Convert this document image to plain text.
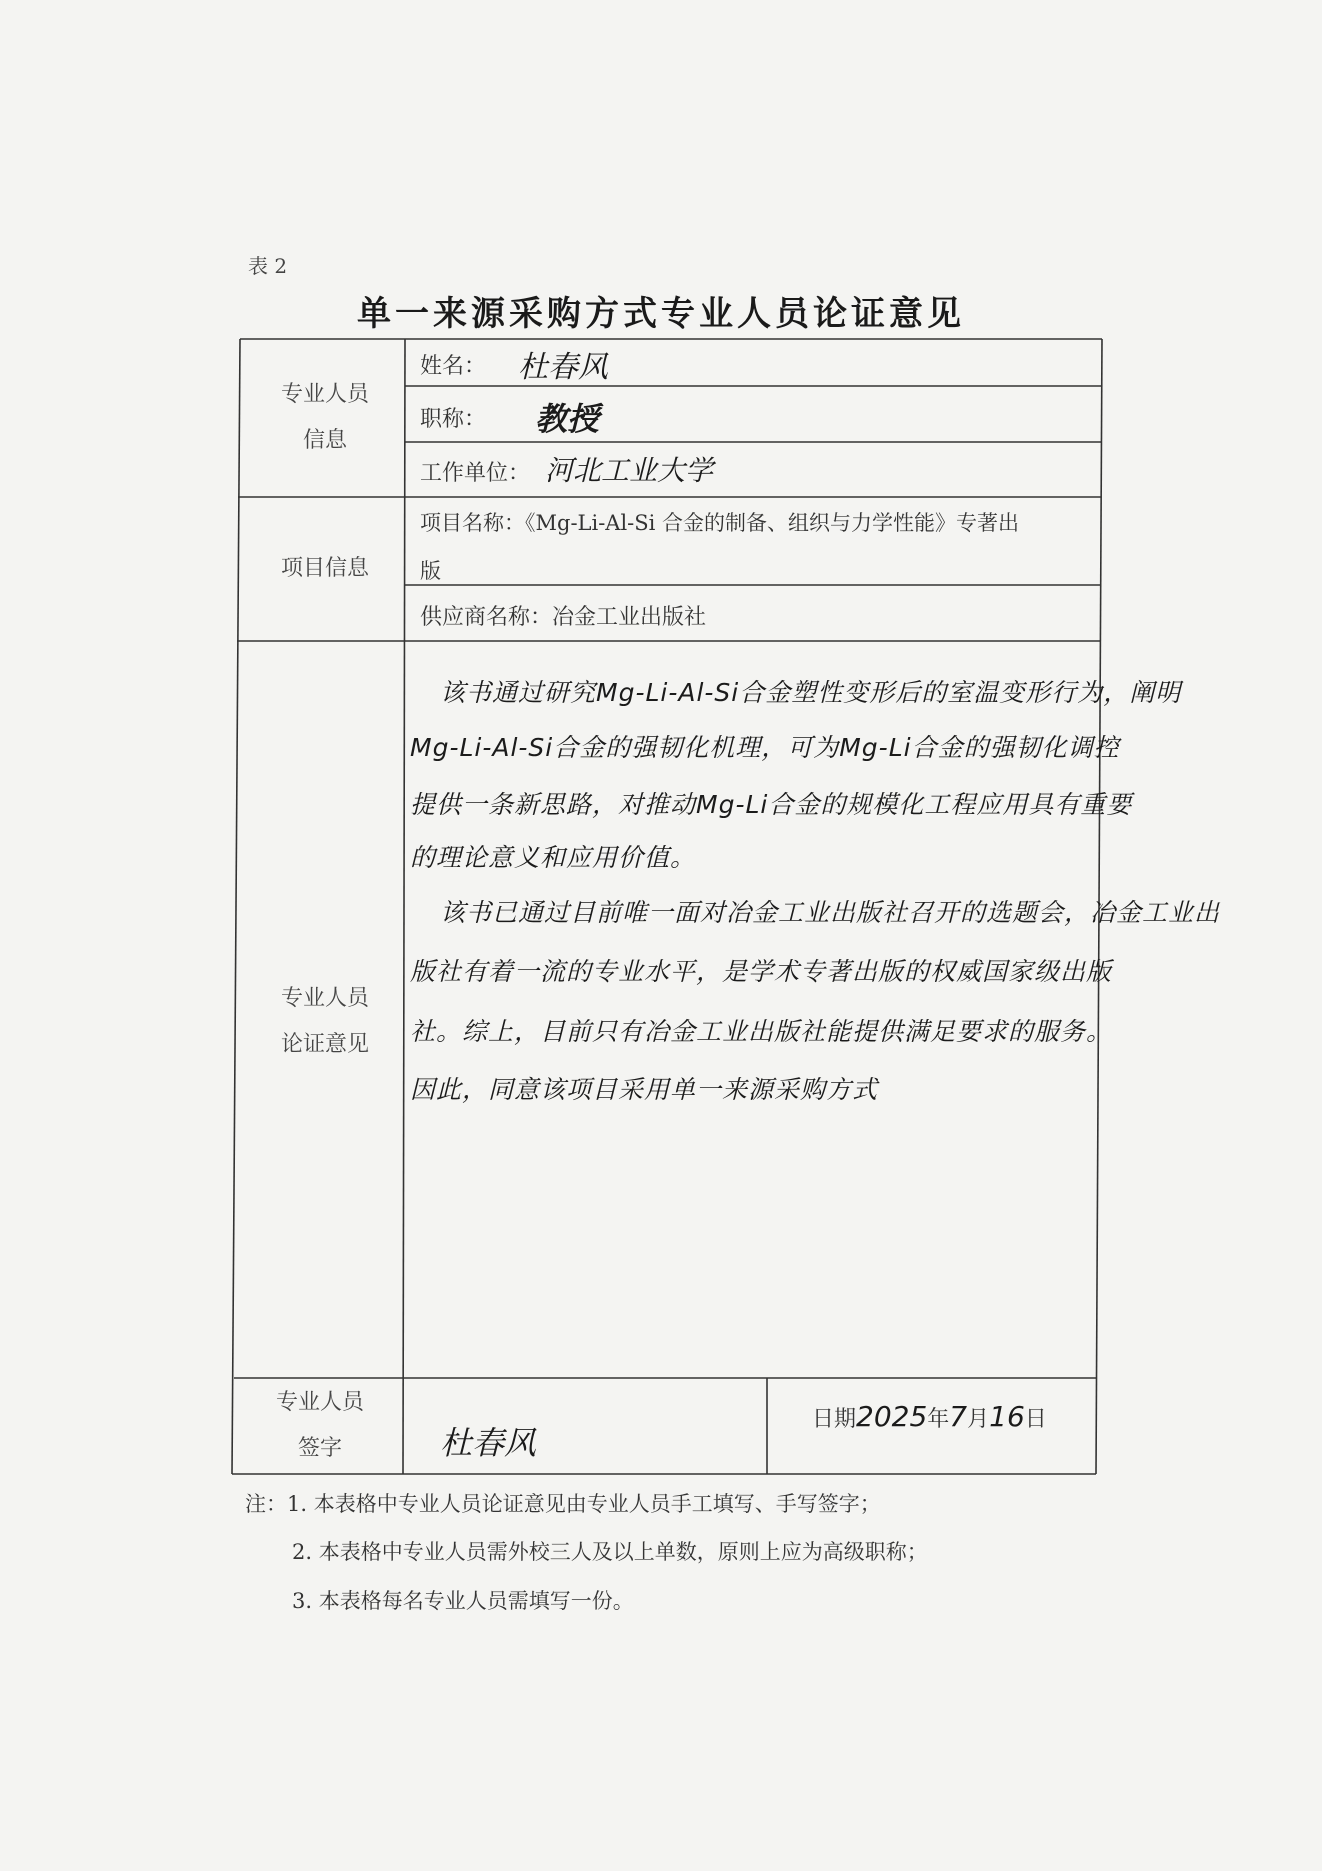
表 2
单一来源采购方式专业人员论证意见
专业人员
信息
姓名： 杜春风
职称： 教授
工作单位： 河北工业大学
项目信息
项目名称：《Mg-Li-Al-Si 合金的制备、组织与力学性能》专著出
版
供应商名称：冶金工业出版社
专业人员
论证意见
该书通过研究Mg-Li-Al-Si合金塑性变形后的室温变形行为，阐明
Mg-Li-Al-Si合金的强韧化机理，可为Mg-Li合金的强韧化调控
提供一条新思路，对推动Mg-Li合金的规模化工程应用具有重要
的理论意义和应用价值。
该书已通过目前唯一面对冶金工业出版社召开的选题会，冶金工业出
版社有着一流的专业水平，是学术专著出版的权威国家级出版
社。综上，目前只有冶金工业出版社能提供满足要求的服务。
因此，同意该项目采用单一来源采购方式
专业人员
签字	杜春风
日期2025年7月16日
注：1. 本表格中专业人员论证意见由专业人员手工填写、手写签字；
2. 本表格中专业人员需外校三人及以上单数，原则上应为高级职称；
3. 本表格每名专业人员需填写一份。
